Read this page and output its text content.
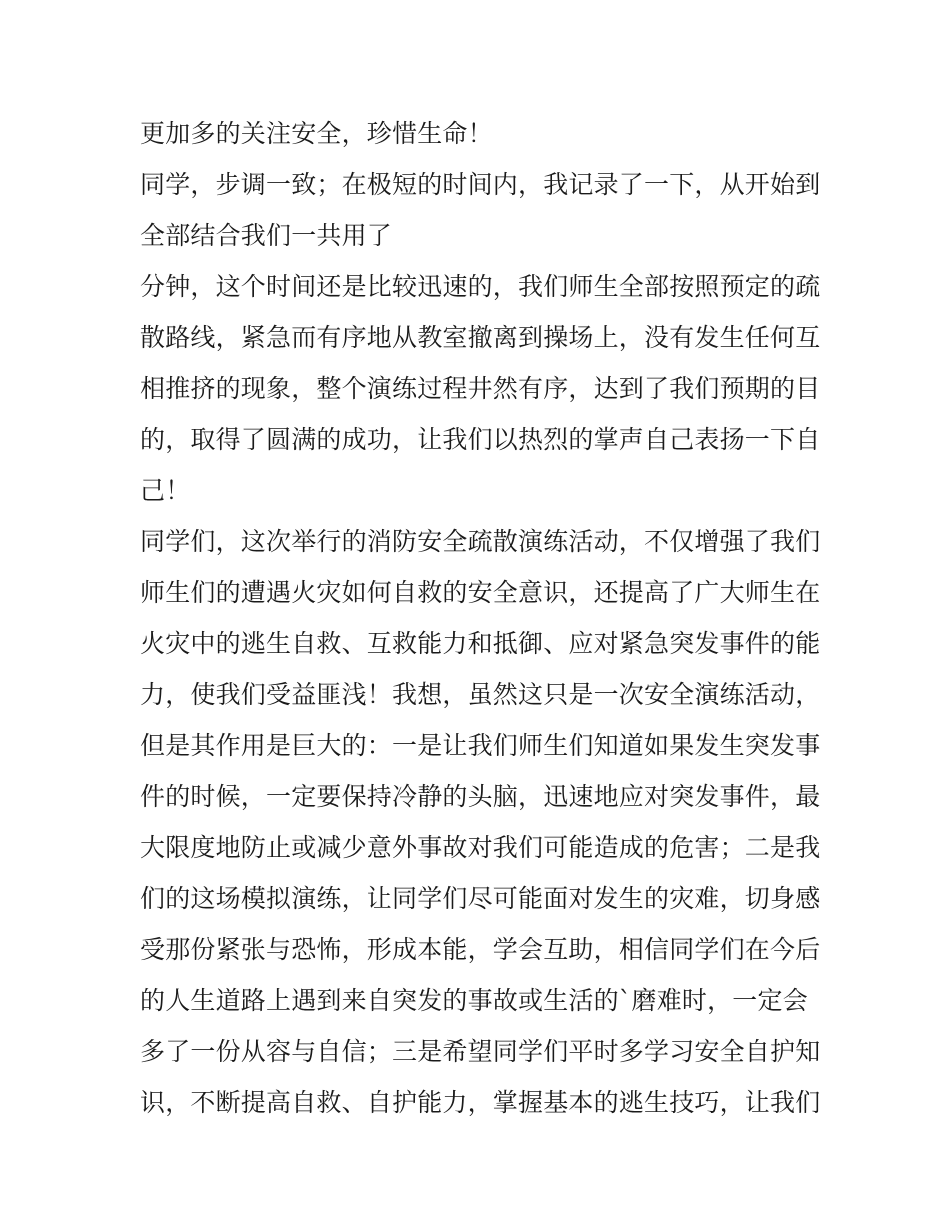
更加多的关注安全，珍惜生命！
同学，步调一致；在极短的时间内，我记录了一下，从开始到
全部结合我们一共用了
分钟，这个时间还是比较迅速的，我们师生全部按照预定的疏
散路线，紧急而有序地从教室撤离到操场上，没有发生任何互
相推挤的现象，整个演练过程井然有序，达到了我们预期的目
的，取得了圆满的成功，让我们以热烈的掌声自己表扬一下自
己！
同学们，这次举行的消防安全疏散演练活动，不仅增强了我们
师生们的遭遇火灾如何自救的安全意识，还提高了广大师生在
火灾中的逃生自救、互救能力和抵御、应对紧急突发事件的能
力，使我们受益匪浅！我想，虽然这只是一次安全演练活动，
但是其作用是巨大的：一是让我们师生们知道如果发生突发事
件的时候，一定要保持冷静的头脑，迅速地应对突发事件，最
大限度地防止或减少意外事故对我们可能造成的危害；二是我
们的这场模拟演练，让同学们尽可能面对发生的灾难，切身感
受那份紧张与恐怖，形成本能，学会互助，相信同学们在今后
的人生道路上遇到来自突发的事故或生活的`磨难时，一定会
多了一份从容与自信；三是希望同学们平时多学习安全自护知
识，不断提高自救、自护能力，掌握基本的逃生技巧，让我们
